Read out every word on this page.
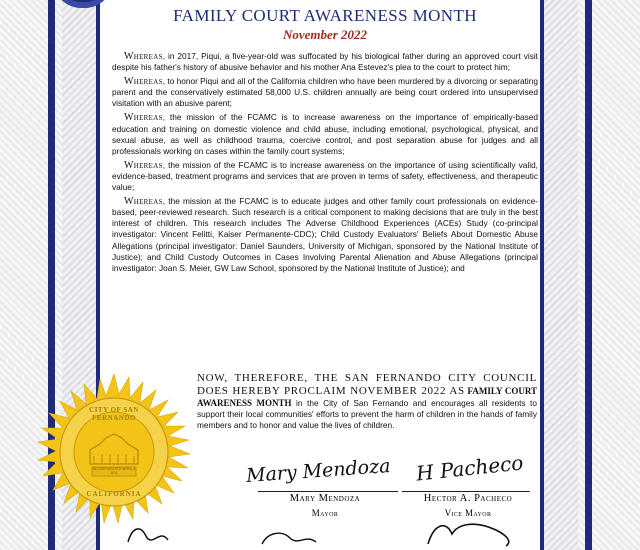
FAMILY COURT AWARENESS MONTH
November 2022

Whereas, in 2017, Piqui, a five-year-old was suffocated by his biological father during an approved court visit despite his father's history of abusive behavior and his mother Ana Estevez's plea to the court to protect him;

Whereas, to honor Piqui and all of the California children who have been murdered by a divorcing or separating parent and the conservatively estimated 58,000 U.S. children annually are being court ordered into unsupervised visitation with an abusive parent;

Whereas, the mission of the FCAMC is to increase awareness on the importance of empirically-based education and training on domestic violence and child abuse, including emotional, psychological, physical, and sexual abuse, as well as childhood trauma, coercive control, and post separation abuse for judges and all professionals working on cases within the family court systems;

Whereas, the mission of the FCAMC is to increase awareness on the importance of using scientifically valid, evidence-based, treatment programs and services that are proven in terms of safety, effectiveness, and therapeutic value;

Whereas, the mission at the FCAMC is to educate judges and other family court professionals on evidence-based, peer-reviewed research. Such research is a critical component to making decisions that are truly in the best interest of children. This research includes The Adverse Childhood Experiences (ACEs) Study (co-principal investigator: Vincent Felitti, Kaiser Permanente-CDC); Child Custody Evaluators' Beliefs About Domestic Abuse Allegations (principal investigator: Daniel Saunders, University of Michigan, sponsored by the National Institute of Justice); and Child Custody Outcomes in Cases Involving Parental Alienation and Abuse Allegations (principal investigator: Joan S. Meier, GW Law School, sponsored by the National Institute of Justice); and

CITY OF SAN FERNANDO
INCORPORATED APRIL 8 1911
CALIFORNIA
NOW, THEREFORE, THE SAN FERNANDO CITY COUNCIL DOES HEREBY PROCLAIM NOVEMBER 2022 AS FAMILY COURT AWARENESS MONTH in the City of San Fernando and encourages all residents to support their local communities' efforts to prevent the harm of children in the hands of family members and to honor and value the lives of children.
Mary Mendoza H Pacheco
Mary Mendoza
Mayor
Hector A. Pacheco
Vice Mayor
